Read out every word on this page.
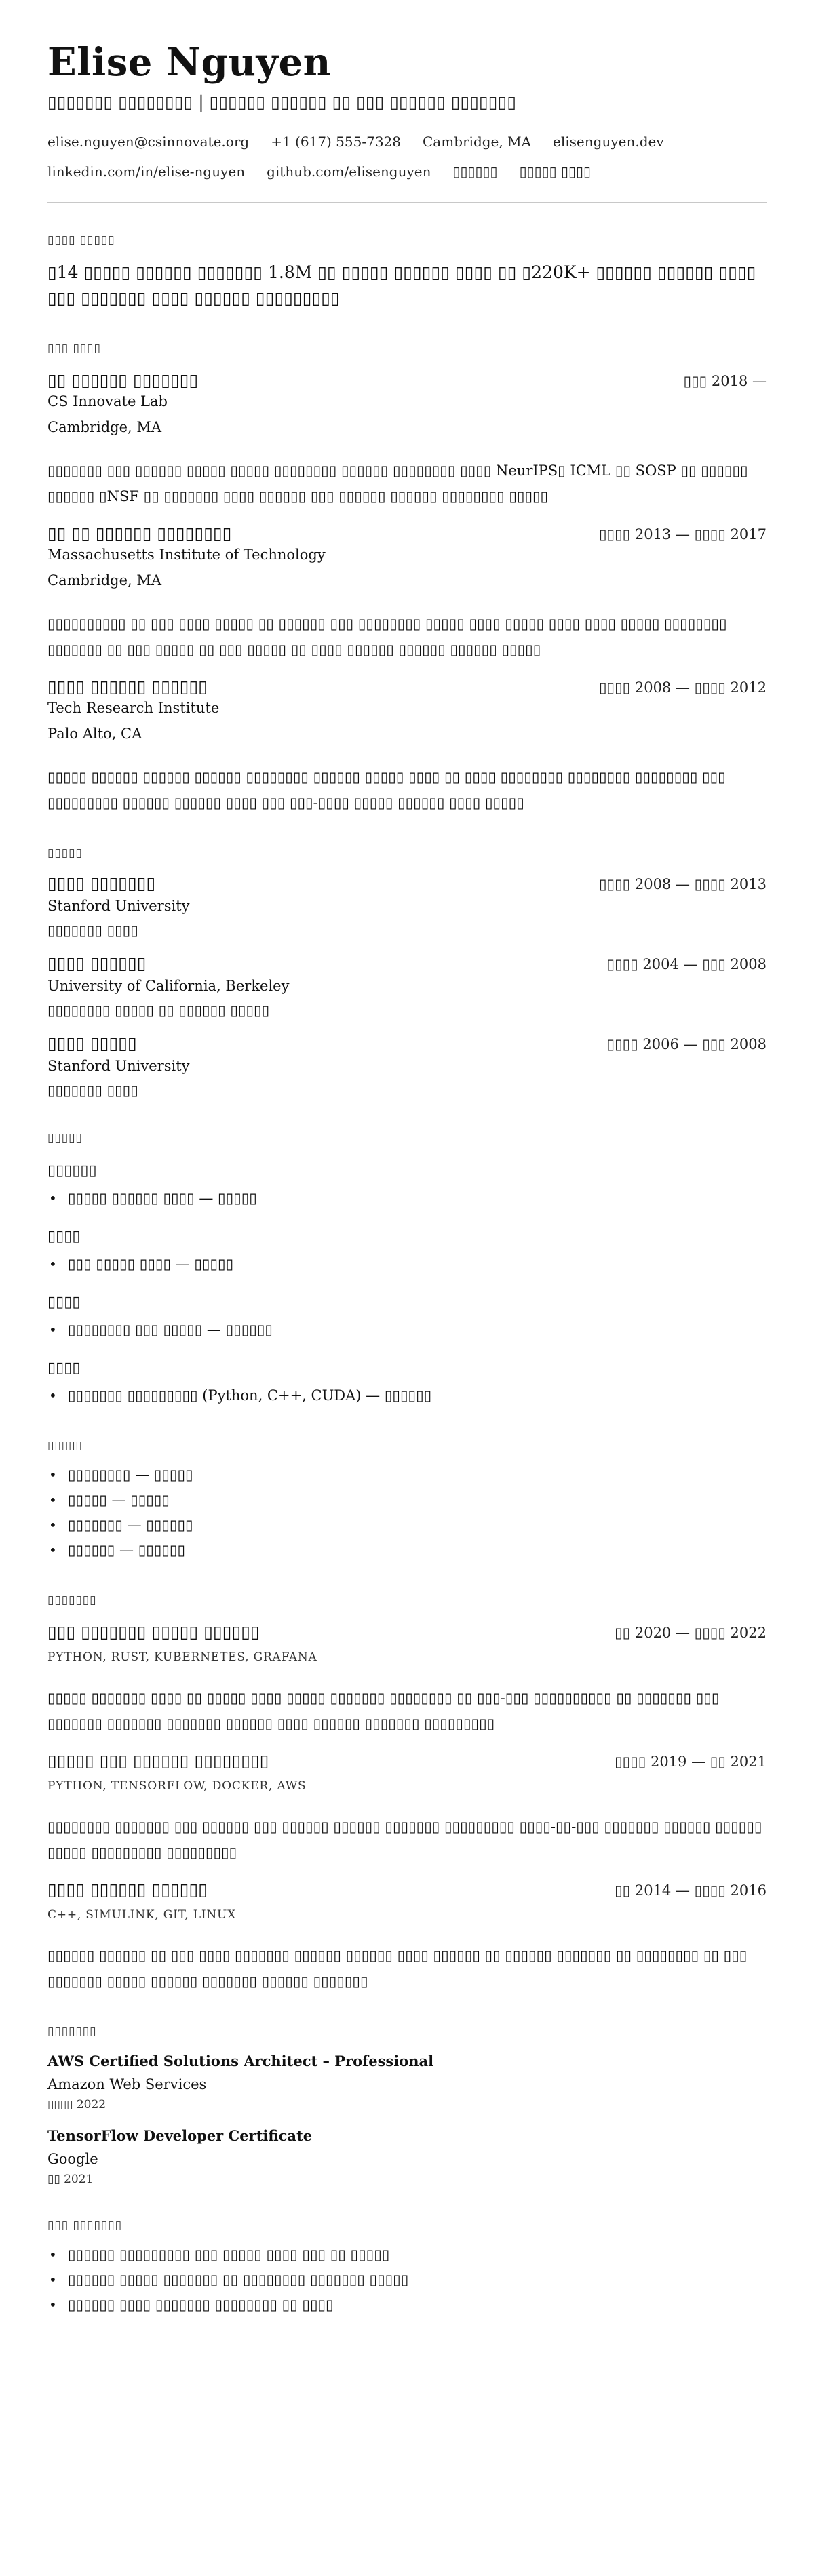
Elise Nguyen
▯▯▯▯▯▯▯ ▯▯▯▯▯▯▯▯ | ▯▯▯▯▯▯ ▯▯▯▯▯▯ ▯▯ ▯▯▯ ▯▯▯▯▯▯ ▯▯▯▯▯▯▯
elise.nguyen@csinnovate.org +1 (617) 555-7328 Cambridge, MA elisenguyen.dev
linkedin.com/in/elise-nguyen github.com/elisenguyen ▯▯▯▯▯▯ ▯▯▯▯▯ ▯▯▯▯
▯▯▯▯ ▯▯▯▯▯
▯14 ▯▯▯▯▯ ▯▯▯▯▯▯ ▯▯▯▯▯▯▯ 1.8M ▯▯ ▯▯▯▯▯ ▯▯▯▯▯▯ ▯▯▯▯ ▯▯ ▯220K+ ▯▯▯▯▯▯ ▯▯▯▯▯▯ ▯▯▯▯ ▯▯▯ ▯▯▯▯▯▯▯ ▯▯▯▯ ▯▯▯▯▯▯ ▯▯▯▯▯▯▯▯▯
▯▯▯ ▯▯▯▯
▯▯ ▯▯▯▯▯▯ ▯▯▯▯▯▯▯	▯▯▯ 2018 —
CS Innovate Lab
Cambridge, MA
▯▯▯▯▯▯▯ ▯▯▯ ▯▯▯▯▯▯ ▯▯▯▯▯ ▯▯▯▯▯ ▯▯▯▯▯▯▯▯ ▯▯▯▯▯▯ ▯▯▯▯▯▯▯▯ ▯▯▯▯ NeurIPS▯ ICML ▯▯ SOSP ▯▯ ▯▯▯▯▯▯ ▯▯▯▯▯▯ ▯NSF ▯▯ ▯▯▯▯▯▯▯ ▯▯▯▯ ▯▯▯▯▯▯ ▯▯▯ ▯▯▯▯▯▯ ▯▯▯▯▯▯ ▯▯▯▯▯▯▯▯ ▯▯▯▯▯
▯▯ ▯▯ ▯▯▯▯▯▯ ▯▯▯▯▯▯▯▯	▯▯▯▯ 2013 — ▯▯▯▯ 2017
Massachusetts Institute of Technology
Cambridge, MA
▯▯▯▯▯▯▯▯▯▯ ▯▯ ▯▯▯ ▯▯▯▯ ▯▯▯▯▯ ▯▯ ▯▯▯▯▯▯ ▯▯▯ ▯▯▯▯▯▯▯▯ ▯▯▯▯▯ ▯▯▯▯ ▯▯▯▯▯ ▯▯▯▯ ▯▯▯▯ ▯▯▯▯▯ ▯▯▯▯▯▯▯▯ ▯▯▯▯▯▯▯ ▯▯ ▯▯▯ ▯▯▯▯▯ ▯▯ ▯▯▯ ▯▯▯▯▯ ▯▯ ▯▯▯▯ ▯▯▯▯▯▯ ▯▯▯▯▯▯ ▯▯▯▯▯▯ ▯▯▯▯▯
▯▯▯▯ ▯▯▯▯▯▯ ▯▯▯▯▯▯	▯▯▯▯ 2008 — ▯▯▯▯ 2012
Tech Research Institute
Palo Alto, CA
▯▯▯▯▯ ▯▯▯▯▯▯ ▯▯▯▯▯▯ ▯▯▯▯▯▯ ▯▯▯▯▯▯▯▯ ▯▯▯▯▯▯ ▯▯▯▯▯ ▯▯▯▯ ▯▯ ▯▯▯▯ ▯▯▯▯▯▯▯▯ ▯▯▯▯▯▯▯▯ ▯▯▯▯▯▯▯▯ ▯▯▯ ▯▯▯▯▯▯▯▯▯ ▯▯▯▯▯▯ ▯▯▯▯▯▯ ▯▯▯▯ ▯▯▯ ▯▯▯-▯▯▯▯ ▯▯▯▯▯ ▯▯▯▯▯▯ ▯▯▯▯ ▯▯▯▯▯
▯▯▯▯▯
▯▯▯▯ ▯▯▯▯▯▯▯	▯▯▯▯ 2008 — ▯▯▯▯ 2013
Stanford University
▯▯▯▯▯▯▯ ▯▯▯▯
▯▯▯▯ ▯▯▯▯▯▯	▯▯▯▯ 2004 — ▯▯▯ 2008
University of California, Berkeley
▯▯▯▯▯▯▯▯ ▯▯▯▯▯ ▯▯ ▯▯▯▯▯▯ ▯▯▯▯▯
▯▯▯▯ ▯▯▯▯▯	▯▯▯▯ 2006 — ▯▯▯ 2008
Stanford University
▯▯▯▯▯▯▯ ▯▯▯▯
▯▯▯▯▯
▯▯▯▯▯▯
• ▯▯▯▯▯ ▯▯▯▯▯▯ ▯▯▯▯ — ▯▯▯▯▯
▯▯▯▯
• ▯▯▯ ▯▯▯▯▯ ▯▯▯▯ — ▯▯▯▯▯
▯▯▯▯
• ▯▯▯▯▯▯▯▯ ▯▯▯ ▯▯▯▯▯ — ▯▯▯▯▯▯
▯▯▯▯
• ▯▯▯▯▯▯▯ ▯▯▯▯▯▯▯▯▯ (Python, C++, CUDA) — ▯▯▯▯▯▯
▯▯▯▯▯
• ▯▯▯▯▯▯▯▯ — ▯▯▯▯▯
• ▯▯▯▯▯ — ▯▯▯▯▯
• ▯▯▯▯▯▯▯ — ▯▯▯▯▯▯
• ▯▯▯▯▯▯ — ▯▯▯▯▯▯
▯▯▯▯▯▯▯
▯▯▯ ▯▯▯▯▯▯▯ ▯▯▯▯▯ ▯▯▯▯▯▯	▯▯ 2020 — ▯▯▯▯ 2022
PYTHON, RUST, KUBERNETES, GRAFANA
▯▯▯▯▯ ▯▯▯▯▯▯▯ ▯▯▯▯ ▯▯ ▯▯▯▯▯ ▯▯▯▯ ▯▯▯▯▯ ▯▯▯▯▯▯▯ ▯▯▯▯▯▯▯▯ ▯▯ ▯▯▯-▯▯▯ ▯▯▯▯▯▯▯▯▯▯ ▯▯ ▯▯▯▯▯▯▯ ▯▯▯ ▯▯▯▯▯▯▯ ▯▯▯▯▯▯▯ ▯▯▯▯▯▯▯ ▯▯▯▯▯▯ ▯▯▯▯ ▯▯▯▯▯▯ ▯▯▯▯▯▯▯ ▯▯▯▯▯▯▯▯▯
▯▯▯▯▯ ▯▯▯ ▯▯▯▯▯▯ ▯▯▯▯▯▯▯▯	▯▯▯▯ 2019 — ▯▯ 2021
PYTHON, TENSORFLOW, DOCKER, AWS
▯▯▯▯▯▯▯▯ ▯▯▯▯▯▯▯ ▯▯▯ ▯▯▯▯▯▯ ▯▯▯ ▯▯▯▯▯▯ ▯▯▯▯▯▯ ▯▯▯▯▯▯▯ ▯▯▯▯▯▯▯▯▯ ▯▯▯▯-▯▯-▯▯▯ ▯▯▯▯▯▯▯ ▯▯▯▯▯▯ ▯▯▯▯▯▯ ▯▯▯▯▯ ▯▯▯▯▯▯▯▯▯ ▯▯▯▯▯▯▯▯▯
▯▯▯▯ ▯▯▯▯▯▯ ▯▯▯▯▯▯	▯▯ 2014 — ▯▯▯▯ 2016
C++, SIMULINK, GIT, LINUX
▯▯▯▯▯▯ ▯▯▯▯▯▯ ▯▯ ▯▯▯ ▯▯▯▯ ▯▯▯▯▯▯▯ ▯▯▯▯▯▯ ▯▯▯▯▯▯ ▯▯▯▯ ▯▯▯▯▯▯ ▯▯ ▯▯▯▯▯▯ ▯▯▯▯▯▯▯ ▯▯ ▯▯▯▯▯▯▯▯ ▯▯ ▯▯▯ ▯▯▯▯▯▯▯ ▯▯▯▯▯ ▯▯▯▯▯▯ ▯▯▯▯▯▯▯ ▯▯▯▯▯▯ ▯▯▯▯▯▯▯
▯▯▯▯▯▯▯
AWS Certified Solutions Architect – Professional
Amazon Web Services
▯▯▯▯ 2022
TensorFlow Developer Certificate
Google
▯▯ 2021
▯▯▯ ▯▯▯▯▯▯▯
• ▯▯▯▯▯▯ ▯▯▯▯▯▯▯▯▯ ▯▯▯ ▯▯▯▯▯ ▯▯▯▯ ▯▯▯ ▯▯ ▯▯▯▯▯
• ▯▯▯▯▯▯ ▯▯▯▯▯ ▯▯▯▯▯▯▯ ▯▯ ▯▯▯▯▯▯▯▯ ▯▯▯▯▯▯▯ ▯▯▯▯▯
• ▯▯▯▯▯▯ ▯▯▯▯ ▯▯▯▯▯▯▯ ▯▯▯▯▯▯▯▯ ▯▯ ▯▯▯▯
